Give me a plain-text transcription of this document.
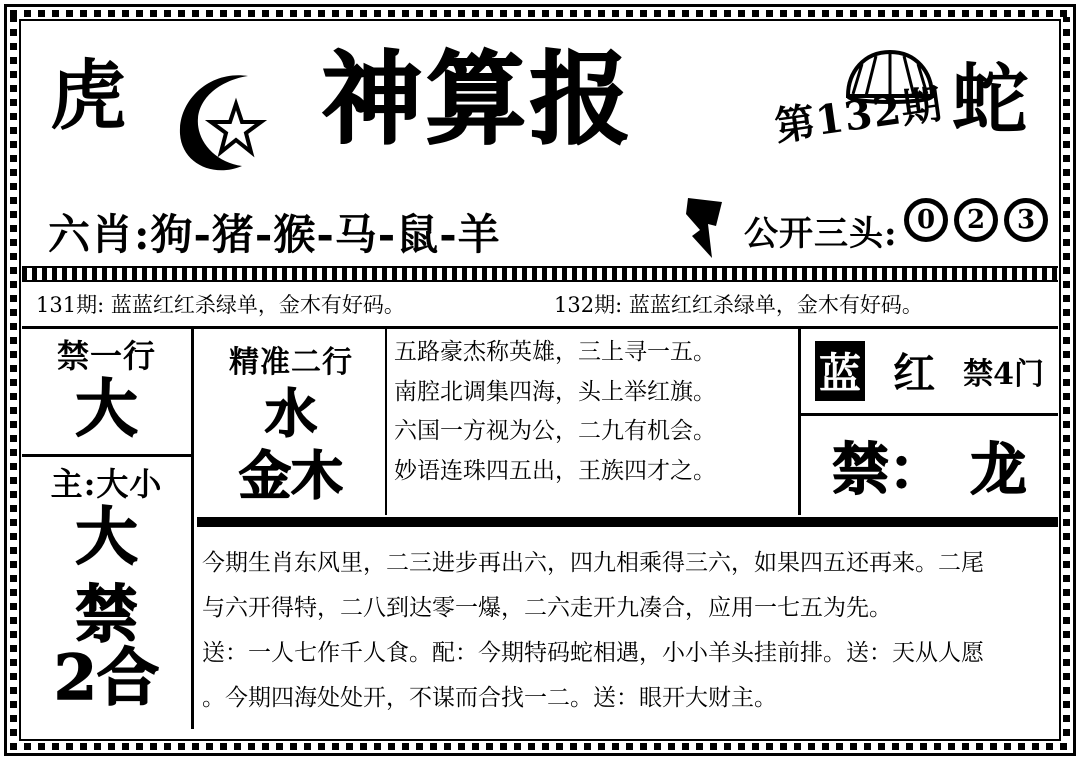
虎 神算报	第132期 蛇
六肖:狗-猪-猴-马-鼠-羊	公开三头: 0	2	3
131期: 蓝蓝红红杀绿单，金木有好码。	132期: 蓝蓝红红杀绿单，金木有好码。
禁一行
大
主:大小
大
禁
2合
精准二行
水
金木
五路豪杰称英雄，三上寻一五。
南腔北调集四海，头上举红旗。
六国一方视为公，二九有机会。
妙语连珠四五出，王族四才之。
蓝 红 禁4门
禁： 龙
今期生肖东风里，二三进步再出六，四九相乘得三六，如果四五还再来。二尾
与六开得特，二八到达零一爆，二六走开九凑合，应用一七五为先。
送：一人七作千人食。配：今期特码蛇相遇，小小羊头挂前排。送：天从人愿
。今期四海处处开，不谋而合找一二。送：眼开大财主。
